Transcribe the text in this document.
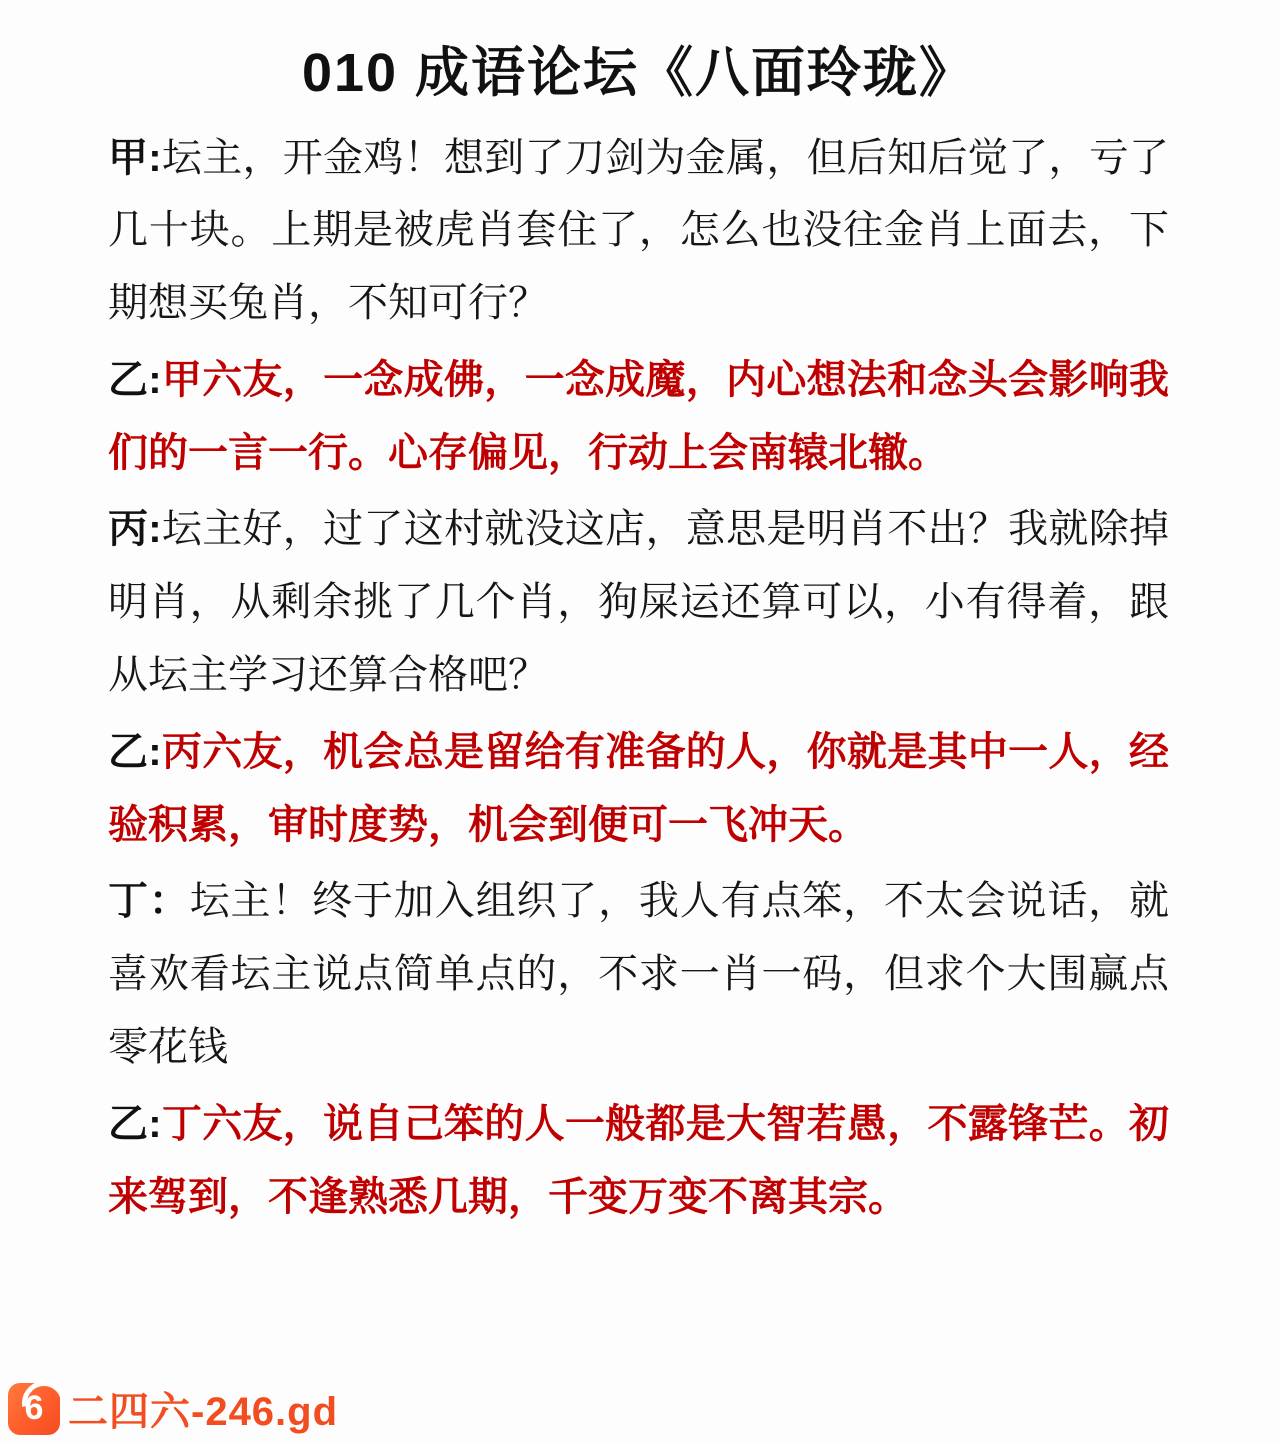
010 成语论坛《八面玲珑》

甲:坛主，开金鸡！想到了刀剑为金属，但后知后觉了，亏了几十块。上期是被虎肖套住了，怎么也没往金肖上面去，下期想买兔肖，不知可行？

乙:甲六友，一念成佛，一念成魔，内心想法和念头会影响我们的一言一行。心存偏见，行动上会南辕北辙。

丙:坛主好，过了这村就没这店，意思是明肖不出？我就除掉明肖，从剩余挑了几个肖，狗屎运还算可以，小有得着，跟从坛主学习还算合格吧？

乙:丙六友，机会总是留给有准备的人，你就是其中一人，经验积累，审时度势，机会到便可一飞冲天。

丁：坛主！终于加入组织了，我人有点笨，不太会说话，就喜欢看坛主说点简单点的，不求一肖一码，但求个大围赢点零花钱

乙:丁六友，说自己笨的人一般都是大智若愚，不露锋芒。初来驾到，不逢熟悉几期，千变万变不离其宗。

6 二四六-246.gd
